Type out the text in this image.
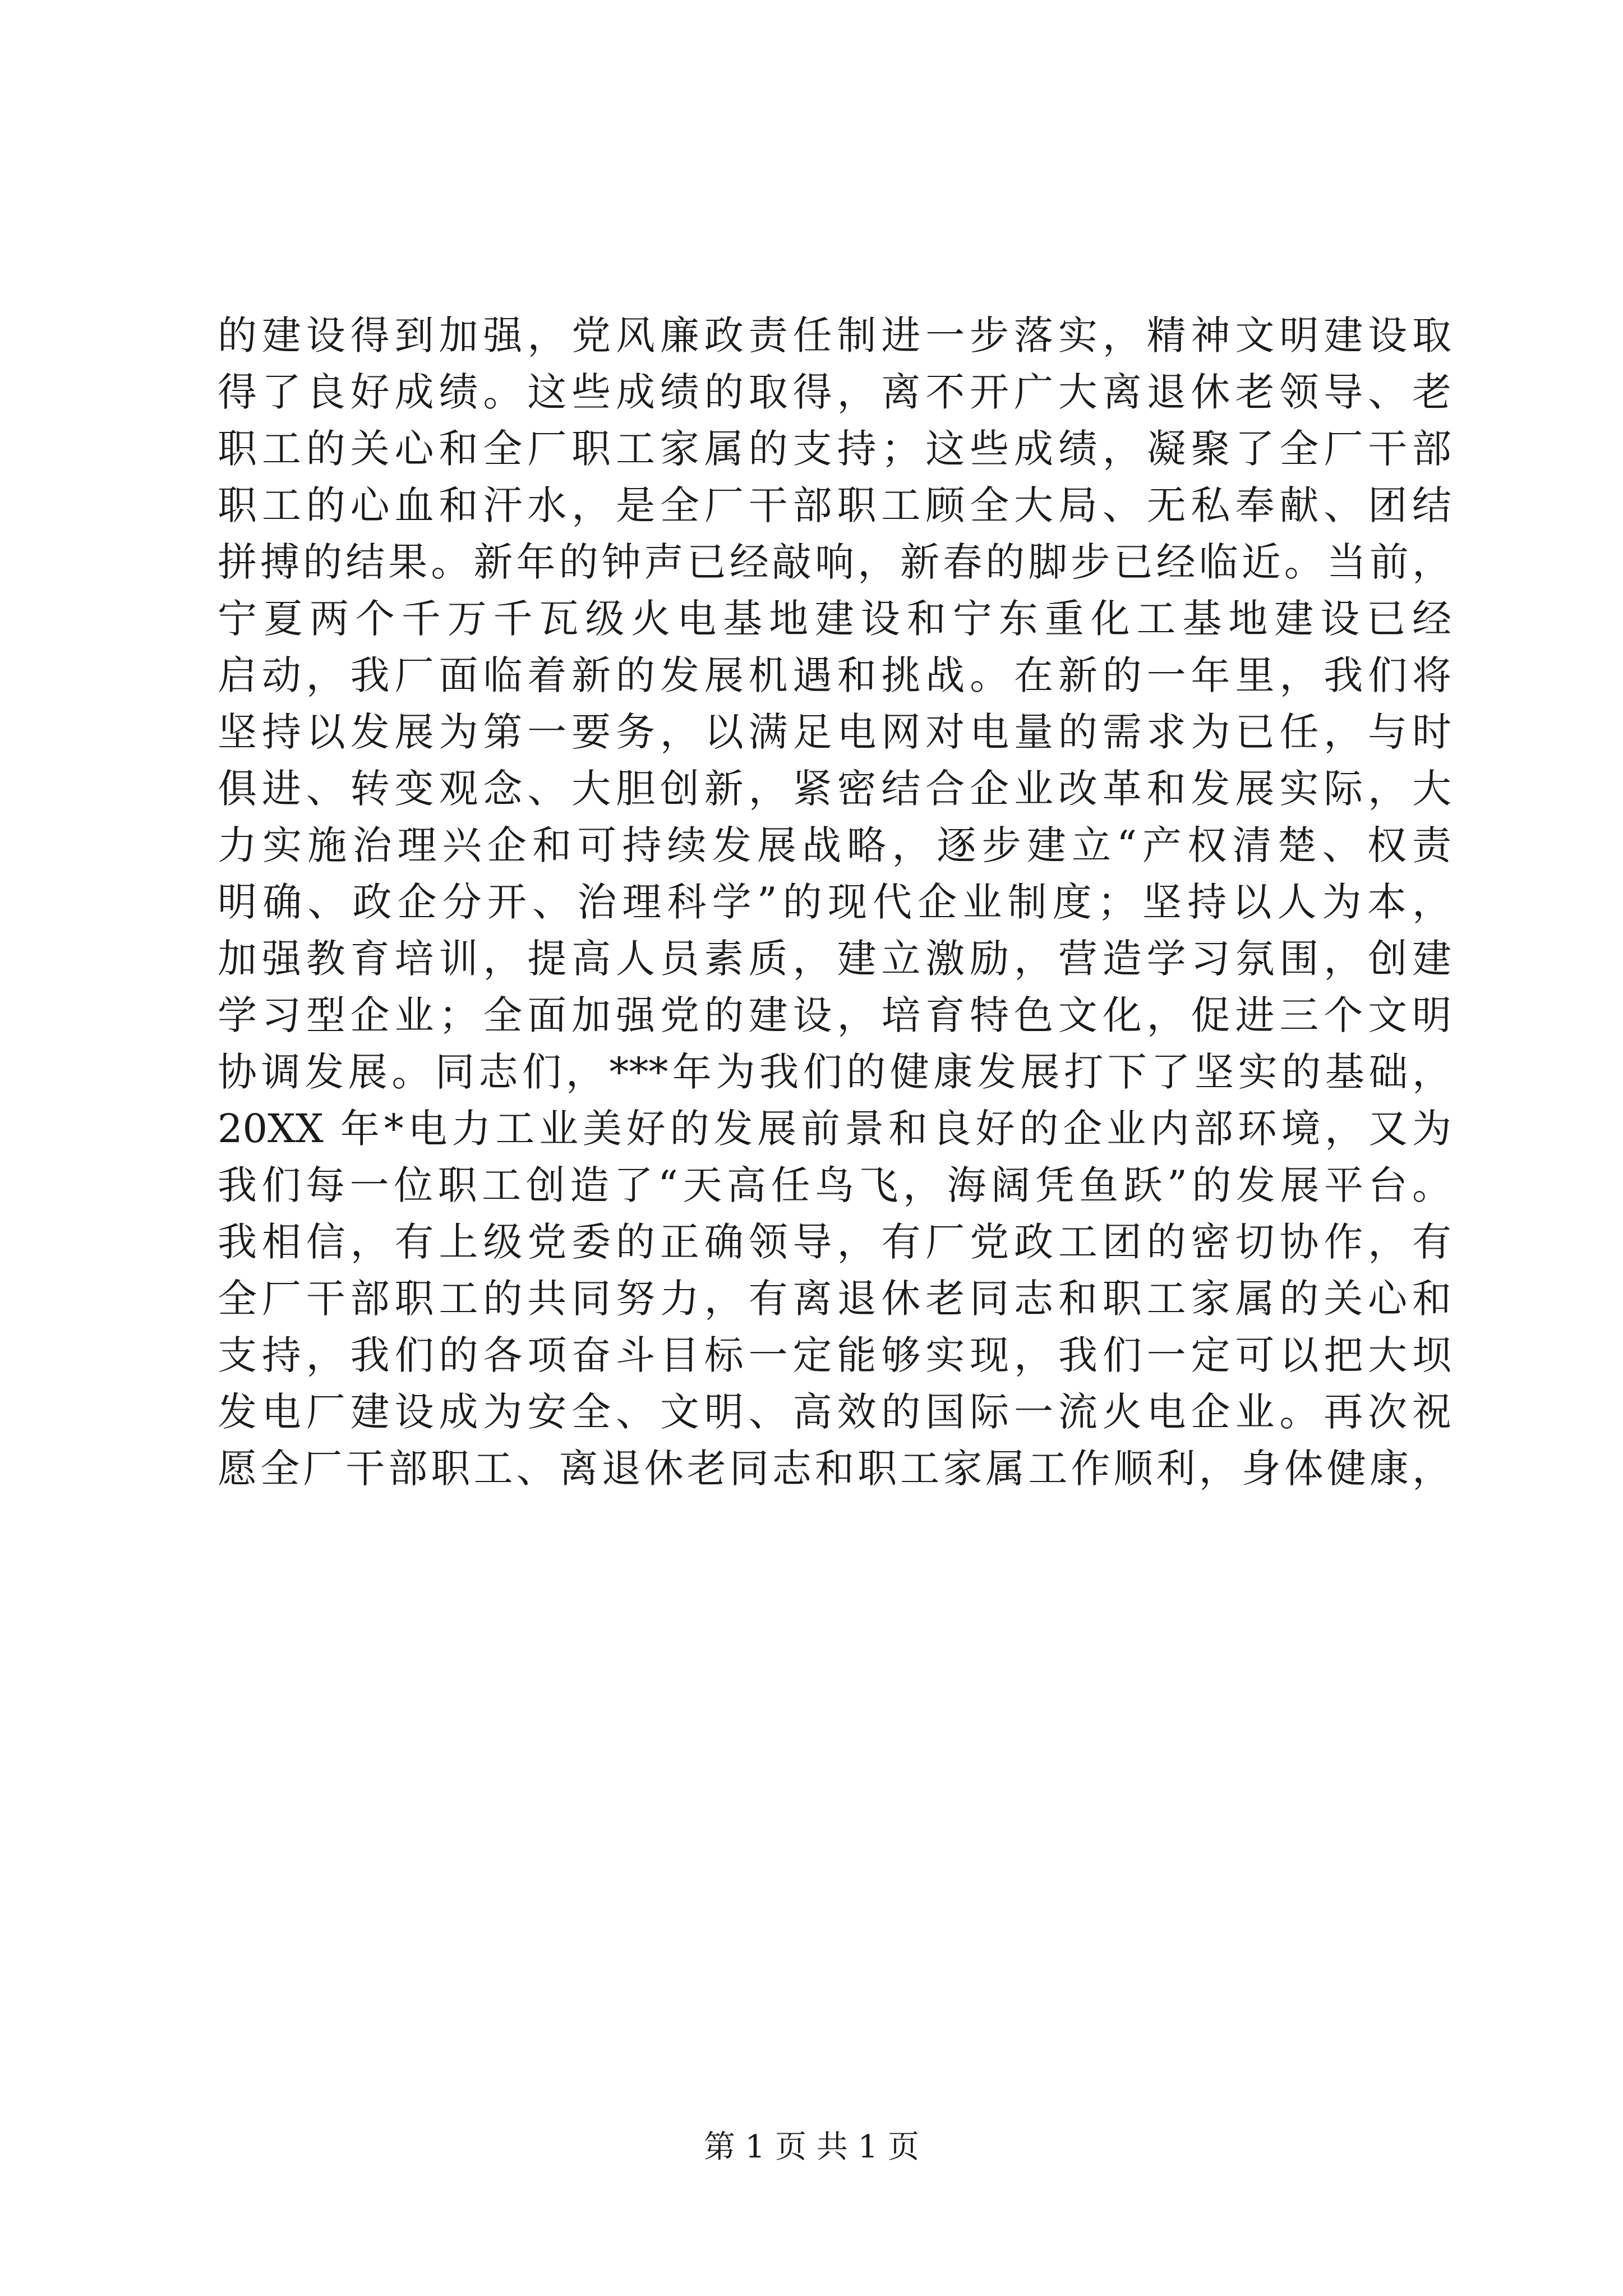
的建设得到加强，党风廉政责任制进一步落实，精神文明建设取
得了良好成绩。这些成绩的取得，离不开广大离退休老领导、老
职工的关心和全厂职工家属的支持；这些成绩，凝聚了全厂干部
职工的心血和汗水，是全厂干部职工顾全大局、无私奉献、团结
拼搏的结果。新年的钟声已经敲响，新春的脚步已经临近。当前，
宁夏两个千万千瓦级火电基地建设和宁东重化工基地建设已经
启动，我厂面临着新的发展机遇和挑战。在新的一年里，我们将
坚持以发展为第一要务，以满足电网对电量的需求为已任，与时
俱进、转变观念、大胆创新，紧密结合企业改革和发展实际，大
力实施治理兴企和可持续发展战略，逐步建立“产权清楚、权责
明确、政企分开、治理科学”的现代企业制度；坚持以人为本，
加强教育培训，提高人员素质，建立激励，营造学习氛围，创建
学习型企业；全面加强党的建设，培育特色文化，促进三个文明
协调发展。同志们，***年为我们的健康发展打下了坚实的基础，
20XX 年*电力工业美好的发展前景和良好的企业内部环境，又为
我们每一位职工创造了“天高任鸟飞，海阔凭鱼跃”的发展平台。
我相信，有上级党委的正确领导，有厂党政工团的密切协作，有
全厂干部职工的共同努力，有离退休老同志和职工家属的关心和
支持，我们的各项奋斗目标一定能够实现，我们一定可以把大坝
发电厂建设成为安全、文明、高效的国际一流火电企业。再次祝
愿全厂干部职工、离退休老同志和职工家属工作顺利，身体健康，
第 1 页 共 1 页
